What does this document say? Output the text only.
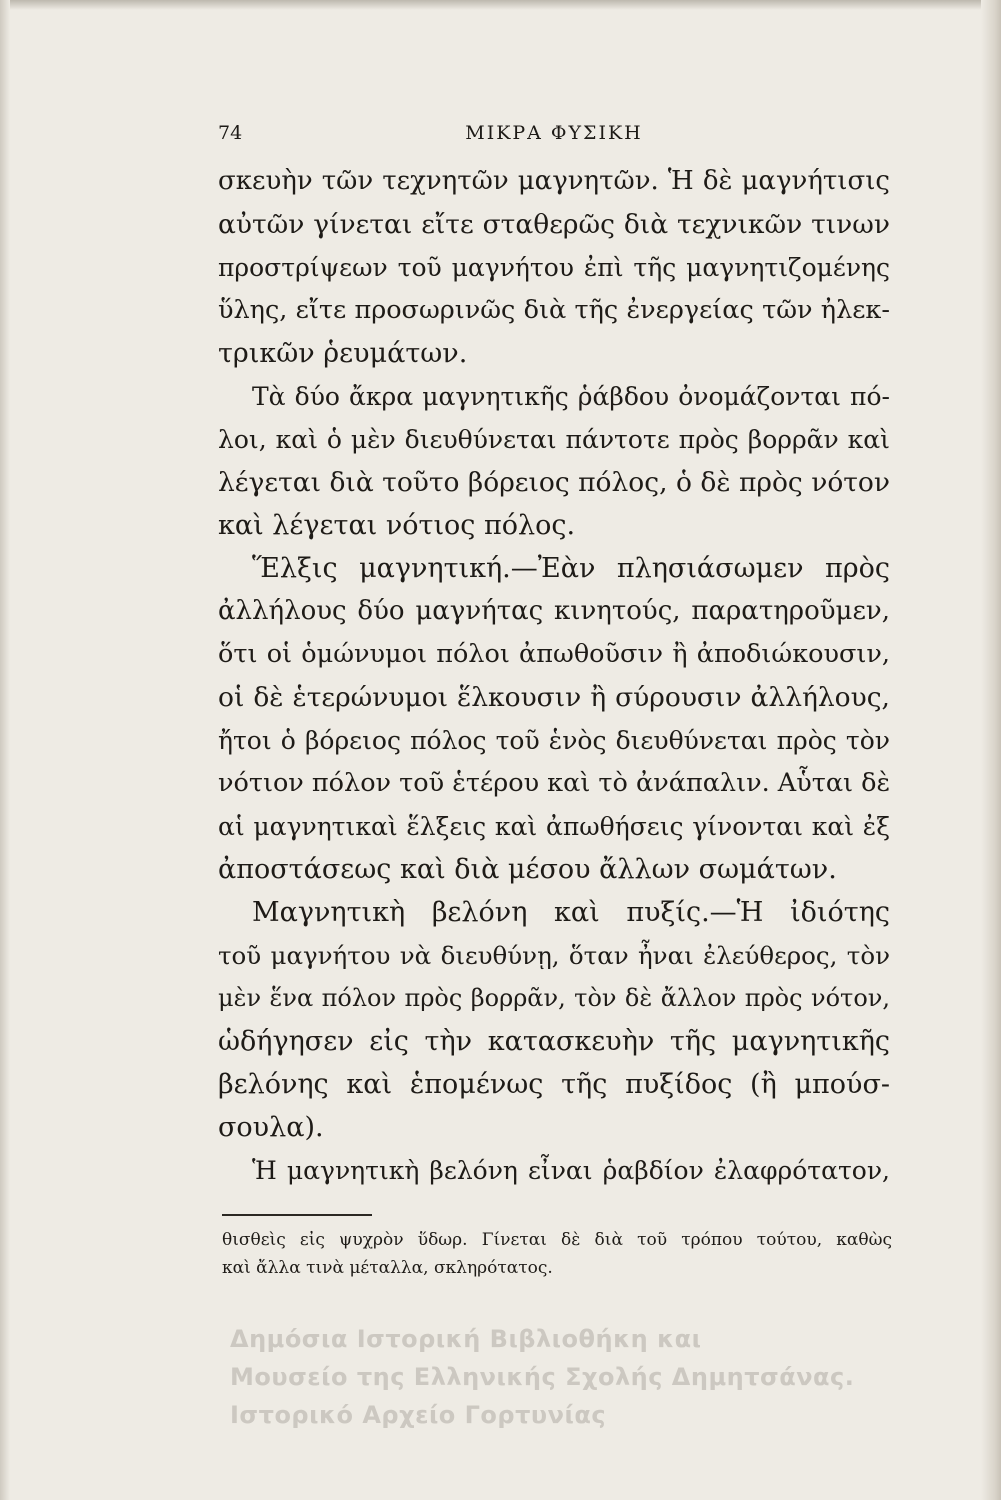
74	ΜΙΚΡΑ ΦΥΣΙΚΗ
σκευὴν τῶν τεχνητῶν μαγνητῶν. Ἡ δὲ μαγνήτισις
αὐτῶν γίνεται εἴτε σταθερῶς διὰ τεχνικῶν τινων
προστρίψεων τοῦ μαγνήτου ἐπὶ τῆς μαγνητιζομένης
ὕλης, εἴτε προσωρινῶς διὰ τῆς ἐνεργείας τῶν ἠλεκ-
τρικῶν ῥευμάτων.
Τὰ δύο ἄκρα μαγνητικῆς ῥάβδου ὀνομάζονται πό-
λοι, καὶ ὁ μὲν διευθύνεται πάντοτε πρὸς βορρᾶν καὶ
λέγεται διὰ τοῦτο βόρειος πόλος, ὁ δὲ πρὸς νότον
καὶ λέγεται νότιος πόλος.
Ἕλξις μαγνητική.—Ἐὰν πλησιάσωμεν πρὸς
ἀλλήλους δύο μαγνήτας κινητούς, παρατηροῦμεν,
ὅτι οἱ ὁμώνυμοι πόλοι ἀπωθοῦσιν ἢ ἀποδιώκουσιν,
οἱ δὲ ἑτερώνυμοι ἕλκουσιν ἢ σύρουσιν ἀλλήλους,
ἤτοι ὁ βόρειος πόλος τοῦ ἑνὸς διευθύνεται πρὸς τὸν
νότιον πόλον τοῦ ἑτέρου καὶ τὸ ἀνάπαλιν. Αὗται δὲ
αἱ μαγνητικαὶ ἕλξεις καὶ ἀπωθήσεις γίνονται καὶ ἐξ
ἀποστάσεως καὶ διὰ μέσου ἄλλων σωμάτων.
Μαγνητικὴ βελόνη καὶ πυξίς.—Ἡ ἰδιότης
τοῦ μαγνήτου νὰ διευθύνῃ, ὅταν ἦναι ἐλεύθερος, τὸν
μὲν ἕνα πόλον πρὸς βορρᾶν, τὸν δὲ ἄλλον πρὸς νότον,
ὡδήγησεν εἰς τὴν κατασκευὴν τῆς μαγνητικῆς
βελόνης καὶ ἑπομένως τῆς πυξίδος (ἢ μπούσ-
σουλα).
Ἡ μαγνητικὴ βελόνη εἶναι ῥαβδίον ἐλαφρότατον,
θισθεὶς εἰς ψυχρὸν ὕδωρ. Γίνεται δὲ διὰ τοῦ τρόπου τούτου, καθὼς
καὶ ἄλλα τινὰ μέταλλα, σκληρότατος.
Δημόσια Ιστορική Βιβλιοθήκη και
Μουσείο της Ελληνικής Σχολής Δημητσάνας.
Ιστορικό Αρχείο Γορτυνίας
